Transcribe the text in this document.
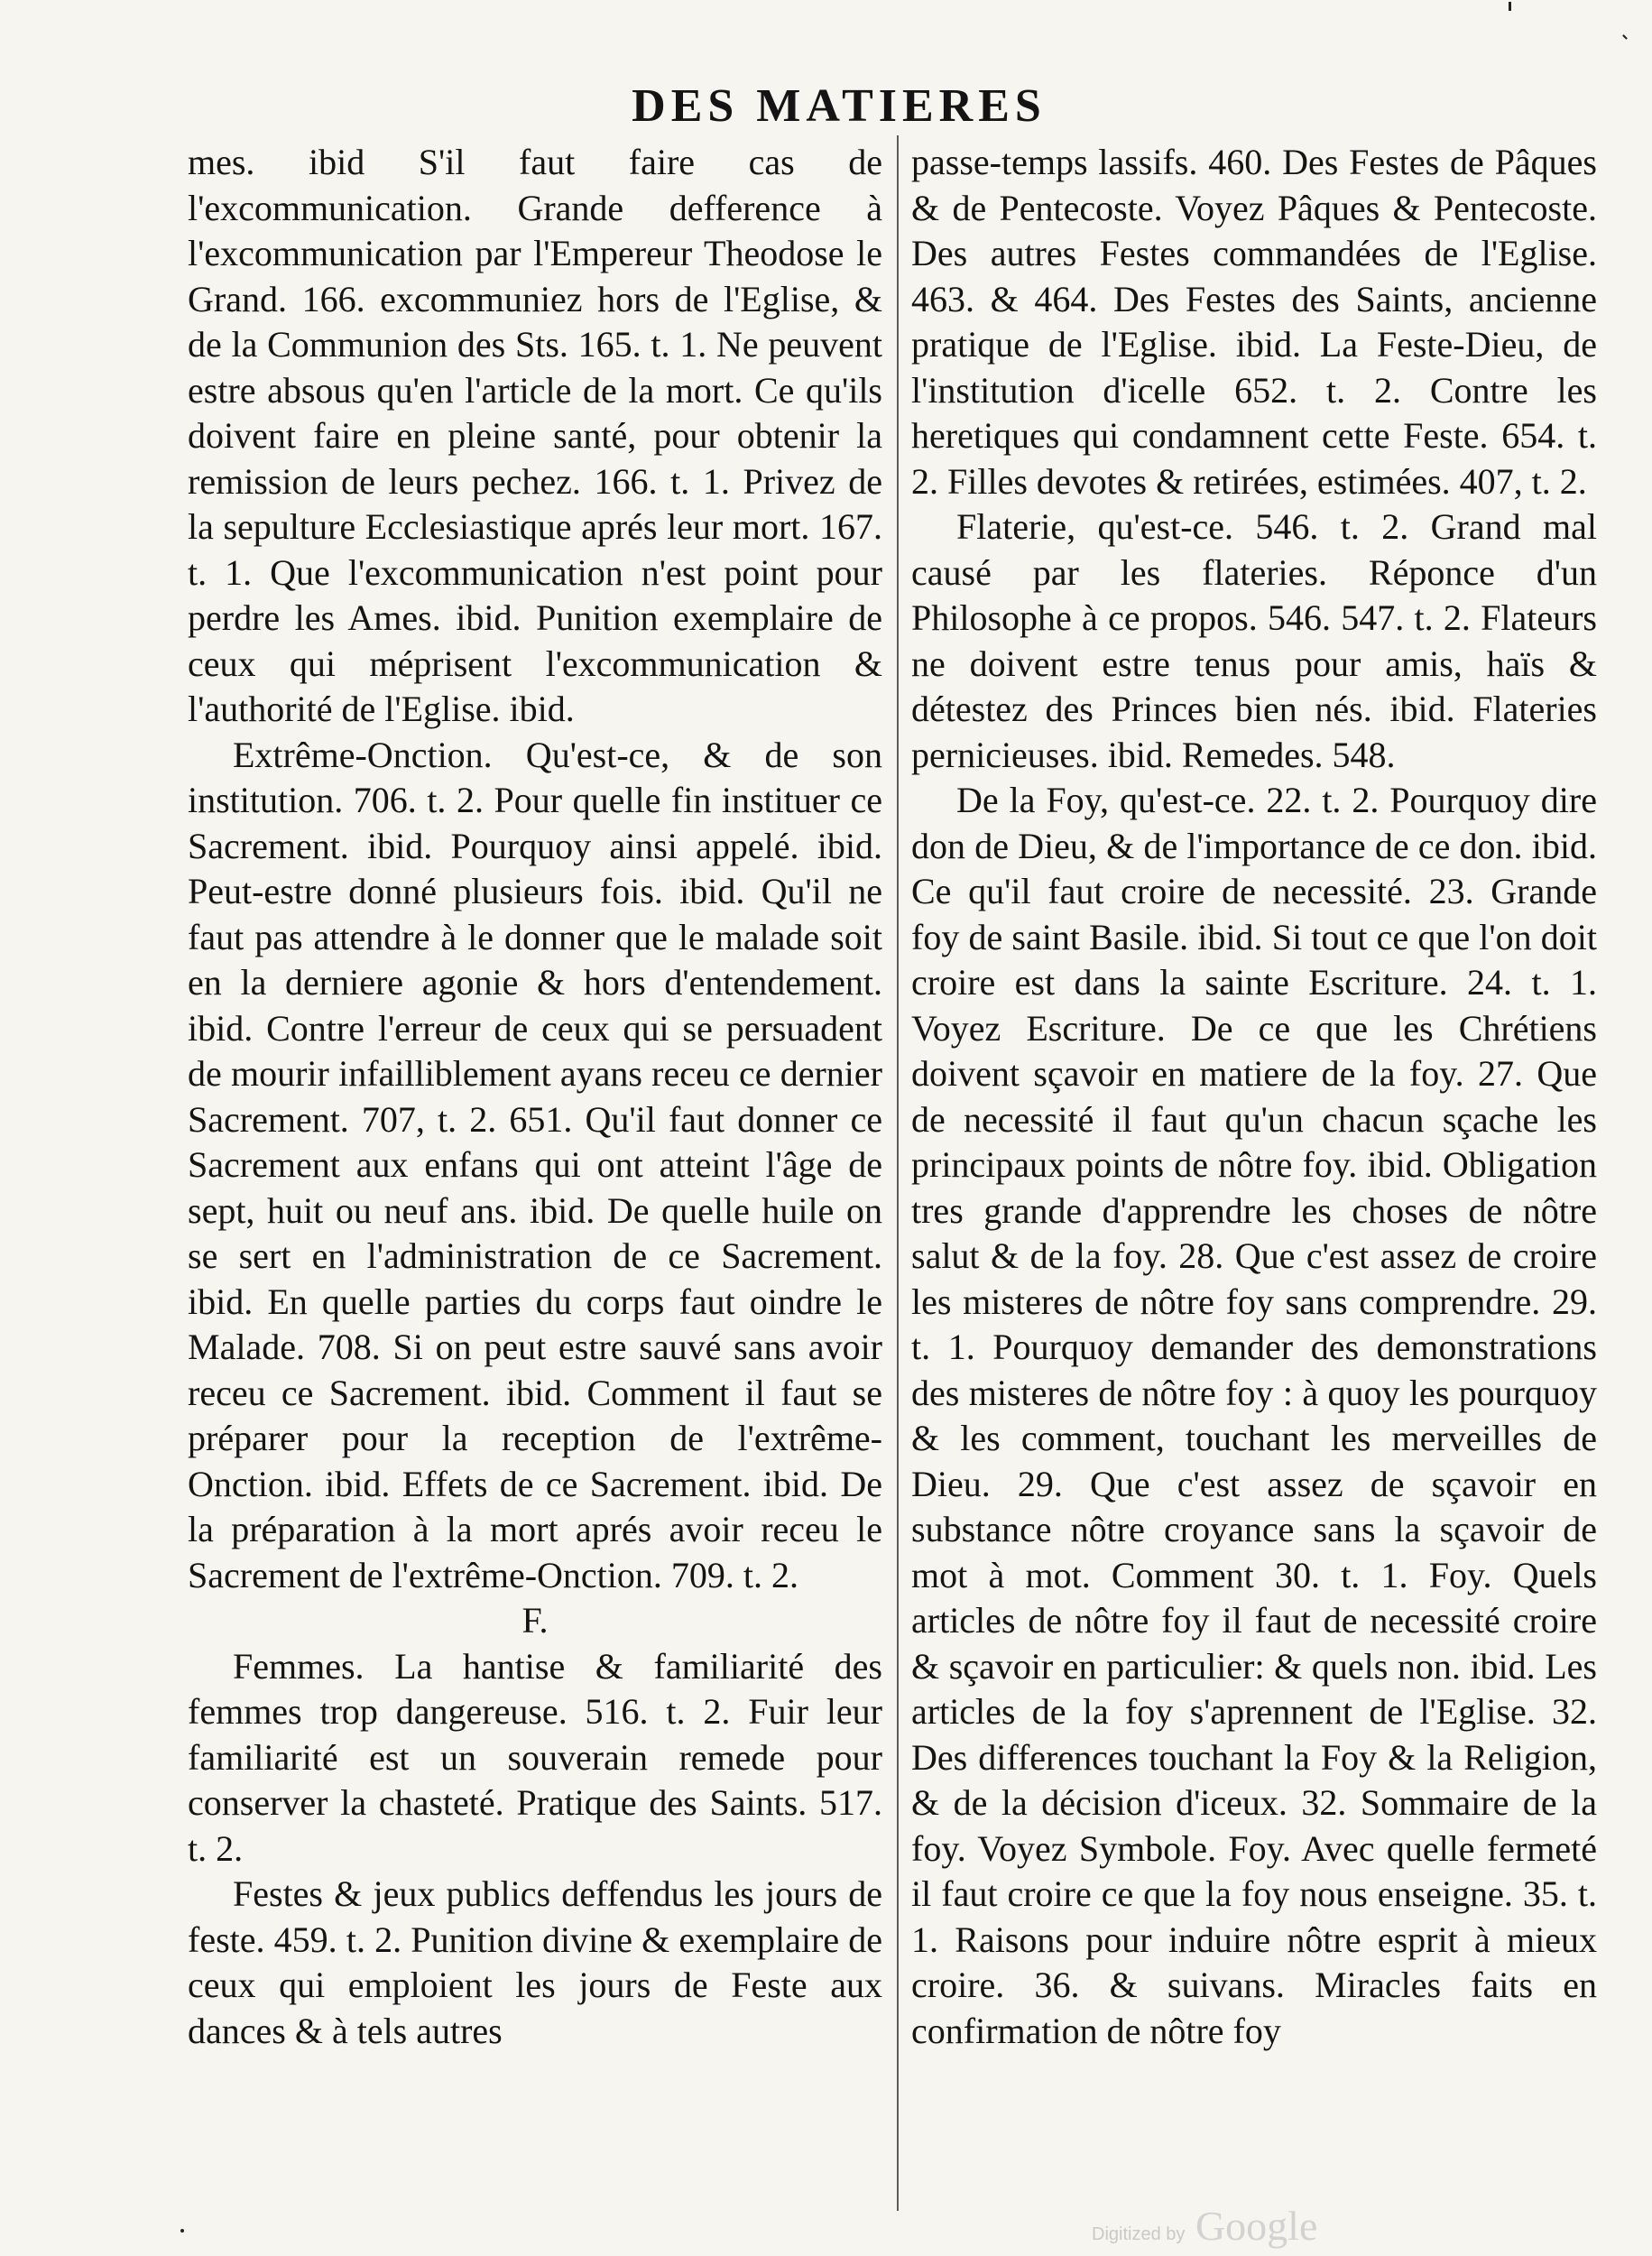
DES MATIERES

mes. ibid S'il faut faire cas de l'excommunication. Grande defference à l'excommunication par l'Empereur Theodose le Grand. 166. excommuniez hors de l'Eglise, & de la Communion des Sts. 165. t. 1. Ne peuvent estre absous qu'en l'article de la mort. Ce qu'ils doivent faire en pleine santé, pour obtenir la remission de leurs pechez. 166. t. 1. Privez de la sepulture Ecclesiastique aprés leur mort. 167. t. 1. Que l'excommunication n'est point pour perdre les Ames. ibid. Punition exemplaire de ceux qui méprisent l'excommunication & l'authorité de l'Eglise. ibid.

Extrême-Onction. Qu'est-ce, & de son institution. 706. t. 2. Pour quelle fin instituer ce Sacrement. ibid. Pourquoy ainsi appelé. ibid. Peut-estre donné plusieurs fois. ibid. Qu'il ne faut pas attendre à le donner que le malade soit en la derniere agonie & hors d'entendement. ibid. Contre l'erreur de ceux qui se persuadent de mourir infailliblement ayans receu ce dernier Sacrement. 707, t. 2. 651. Qu'il faut donner ce Sacrement aux enfans qui ont atteint l'âge de sept, huit ou neuf ans. ibid. De quelle huile on se sert en l'administration de ce Sacrement. ibid. En quelle parties du corps faut oindre le Malade. 708. Si on peut estre sauvé sans avoir receu ce Sacrement. ibid. Comment il faut se préparer pour la reception de l'extrême-Onction. ibid. Effets de ce Sacrement. ibid. De la préparation à la mort aprés avoir receu le Sacrement de l'extrême-Onction. 709. t. 2.

F.

Femmes. La hantise & familiarité des femmes trop dangereuse. 516. t. 2. Fuir leur familiarité est un souverain remede pour conserver la chasteté. Pratique des Saints. 517. t. 2.

Festes & jeux publics deffendus les jours de feste. 459. t. 2. Punition divine & exemplaire de ceux qui emploient les jours de Feste aux dances & à tels autres

passe-temps lassifs. 460. Des Festes de Pâques & de Pentecoste. Voyez Pâques & Pentecoste. Des autres Festes commandées de l'Eglise. 463. & 464. Des Festes des Saints, ancienne pratique de l'Eglise. ibid. La Feste-Dieu, de l'institution d'icelle 652. t. 2. Contre les heretiques qui condamnent cette Feste. 654. t. 2. Filles devotes & retirées, estimées. 407, t. 2.

Flaterie, qu'est-ce. 546. t. 2. Grand mal causé par les flateries. Réponce d'un Philosophe à ce propos. 546. 547. t. 2. Flateurs ne doivent estre tenus pour amis, haïs & détestez des Princes bien nés. ibid. Flateries pernicieuses. ibid. Remedes. 548.

De la Foy, qu'est-ce. 22. t. 2. Pourquoy dire don de Dieu, & de l'importance de ce don. ibid. Ce qu'il faut croire de necessité. 23. Grande foy de saint Basile. ibid. Si tout ce que l'on doit croire est dans la sainte Escriture. 24. t. 1. Voyez Escriture. De ce que les Chrétiens doivent sçavoir en matiere de la foy. 27. Que de necessité il faut qu'un chacun sçache les principaux points de nôtre foy. ibid. Obligation tres grande d'apprendre les choses de nôtre salut & de la foy. 28. Que c'est assez de croire les misteres de nôtre foy sans comprendre. 29. t. 1. Pourquoy demander des demonstrations des misteres de nôtre foy : à quoy les pourquoy & les comment, touchant les merveilles de Dieu. 29. Que c'est assez de sçavoir en substance nôtre croyance sans la sçavoir de mot à mot. Comment 30. t. 1. Foy. Quels articles de nôtre foy il faut de necessité croire & sçavoir en particulier: & quels non. ibid. Les articles de la foy s'aprennent de l'Eglise. 32. Des differences touchant la Foy & la Religion, & de la décision d'iceux. 32. Sommaire de la foy. Voyez Symbole. Foy. Avec quelle fermeté il faut croire ce que la foy nous enseigne. 35. t. 1. Raisons pour induire nôtre esprit à mieux croire. 36. & suivans. Miracles faits en confirmation de nôtre foy

Digitized by Google
